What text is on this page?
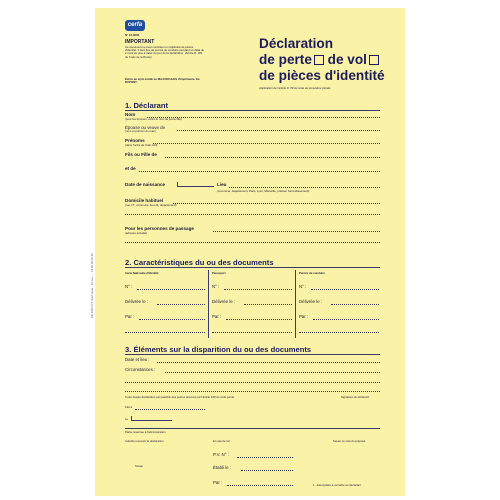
cerfa
N° 13-0000
IMPORTANT
Ce document ne peut constituer un duplicata de pièces d'identité. Il tient lieu de permis de conduire pendant un délai de 2 mois au plus à dater du jour de la déclaration. (Article R. 181 du Code de la Route)
Écrire au stylo à bille en MAJUSCULES d'imprimerie. Ex. DUPONT
Déclaration
de perte de vol
de pièces d'identité
Application de l'article R. 89 du code de procédure pénale
1. Déclarant
Nom
(pour les femmes, écrire le nom de jeune fille)
Épouse ou veuve de
(nom et prénom du mari)
Prénoms
(dans l'ordre de l'état civil)
Fils ou Fille de
et de
Date de naissance	Lieu
(commune, département, Paris, Lyon, Marseille, préciser l'arrondissement)
Domicile habituel
(rue, N°, commune, lieu-dit, département)
Pour les personnes de passage
(adresse actuelle)
2. Caractéristiques du ou des documents
Carte Nationale d'Identité	Passeport	Permis de conduire
N° :	N° :	N° :
Délivrée le :	Délivrée le :	Délivrée le :
Par :	Par :	Par :
3. Éléments sur la disparition du ou des documents
Date et lieu :
Circonstances :
Toute fausse déclaration est passible des peines prévues par l'article 160 du code pénal	Signature du déclarant
Fait à
Le
Partie réservée à l'administration
Autorité recevant la déclaration	En cas de vol :	Sceau ou visa du préposé
P.V. N° :
Sceau	Établi le :
Par :	1 - Exemplaire à remettre au déclarant
CE 2011 N°3 Imprimerie - 13 rue ... - 02 00 00 00 00
